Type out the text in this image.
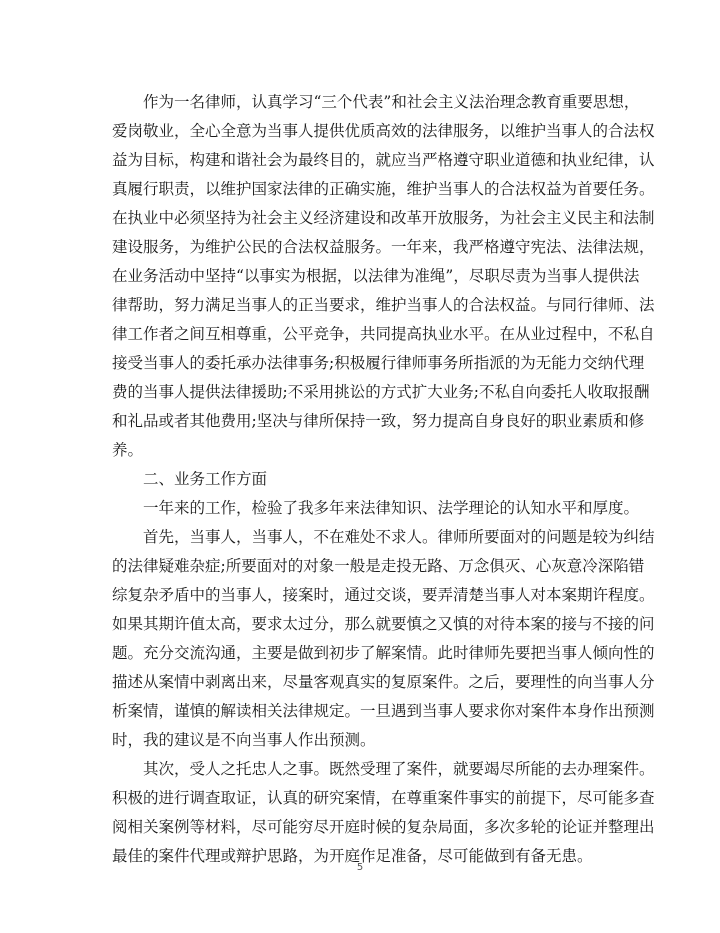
作为一名律师，认真学习“三个代表”和社会主义法治理念教育重要思想，
爱岗敬业，全心全意为当事人提供优质高效的法律服务，以维护当事人的合法权
益为目标，构建和谐社会为最终目的，就应当严格遵守职业道德和执业纪律，认
真履行职责，以维护国家法律的正确实施，维护当事人的合法权益为首要任务。
在执业中必须坚持为社会主义经济建设和改革开放服务，为社会主义民主和法制
建设服务，为维护公民的合法权益服务。一年来，我严格遵守宪法、法律法规，
在业务活动中坚持“以事实为根据，以法律为准绳”，尽职尽责为当事人提供法
律帮助，努力满足当事人的正当要求，维护当事人的合法权益。与同行律师、法
律工作者之间互相尊重，公平竞争，共同提高执业水平。在从业过程中，不私自
接受当事人的委托承办法律事务;积极履行律师事务所指派的为无能力交纳代理
费的当事人提供法律援助;不采用挑讼的方式扩大业务;不私自向委托人收取报酬
和礼品或者其他费用;坚决与律所保持一致，努力提高自身良好的职业素质和修
养。
二、业务工作方面
一年来的工作，检验了我多年来法律知识、法学理论的认知水平和厚度。
首先，当事人，当事人，不在难处不求人。律师所要面对的问题是较为纠结
的法律疑难杂症;所要面对的对象一般是走投无路、万念俱灭、心灰意冷深陷错
综复杂矛盾中的当事人，接案时，通过交谈，要弄清楚当事人对本案期许程度。
如果其期许值太高，要求太过分，那么就要慎之又慎的对待本案的接与不接的问
题。充分交流沟通，主要是做到初步了解案情。此时律师先要把当事人倾向性的
描述从案情中剥离出来，尽量客观真实的复原案件。之后，要理性的向当事人分
析案情，谨慎的解读相关法律规定。一旦遇到当事人要求你对案件本身作出预测
时，我的建议是不向当事人作出预测。
其次，受人之托忠人之事。既然受理了案件，就要竭尽所能的去办理案件。
积极的进行调查取证，认真的研究案情，在尊重案件事实的前提下，尽可能多查
阅相关案例等材料，尽可能穷尽开庭时候的复杂局面，多次多轮的论证并整理出
最佳的案件代理或辩护思路，为开庭作足准备，尽可能做到有备无患。
5
